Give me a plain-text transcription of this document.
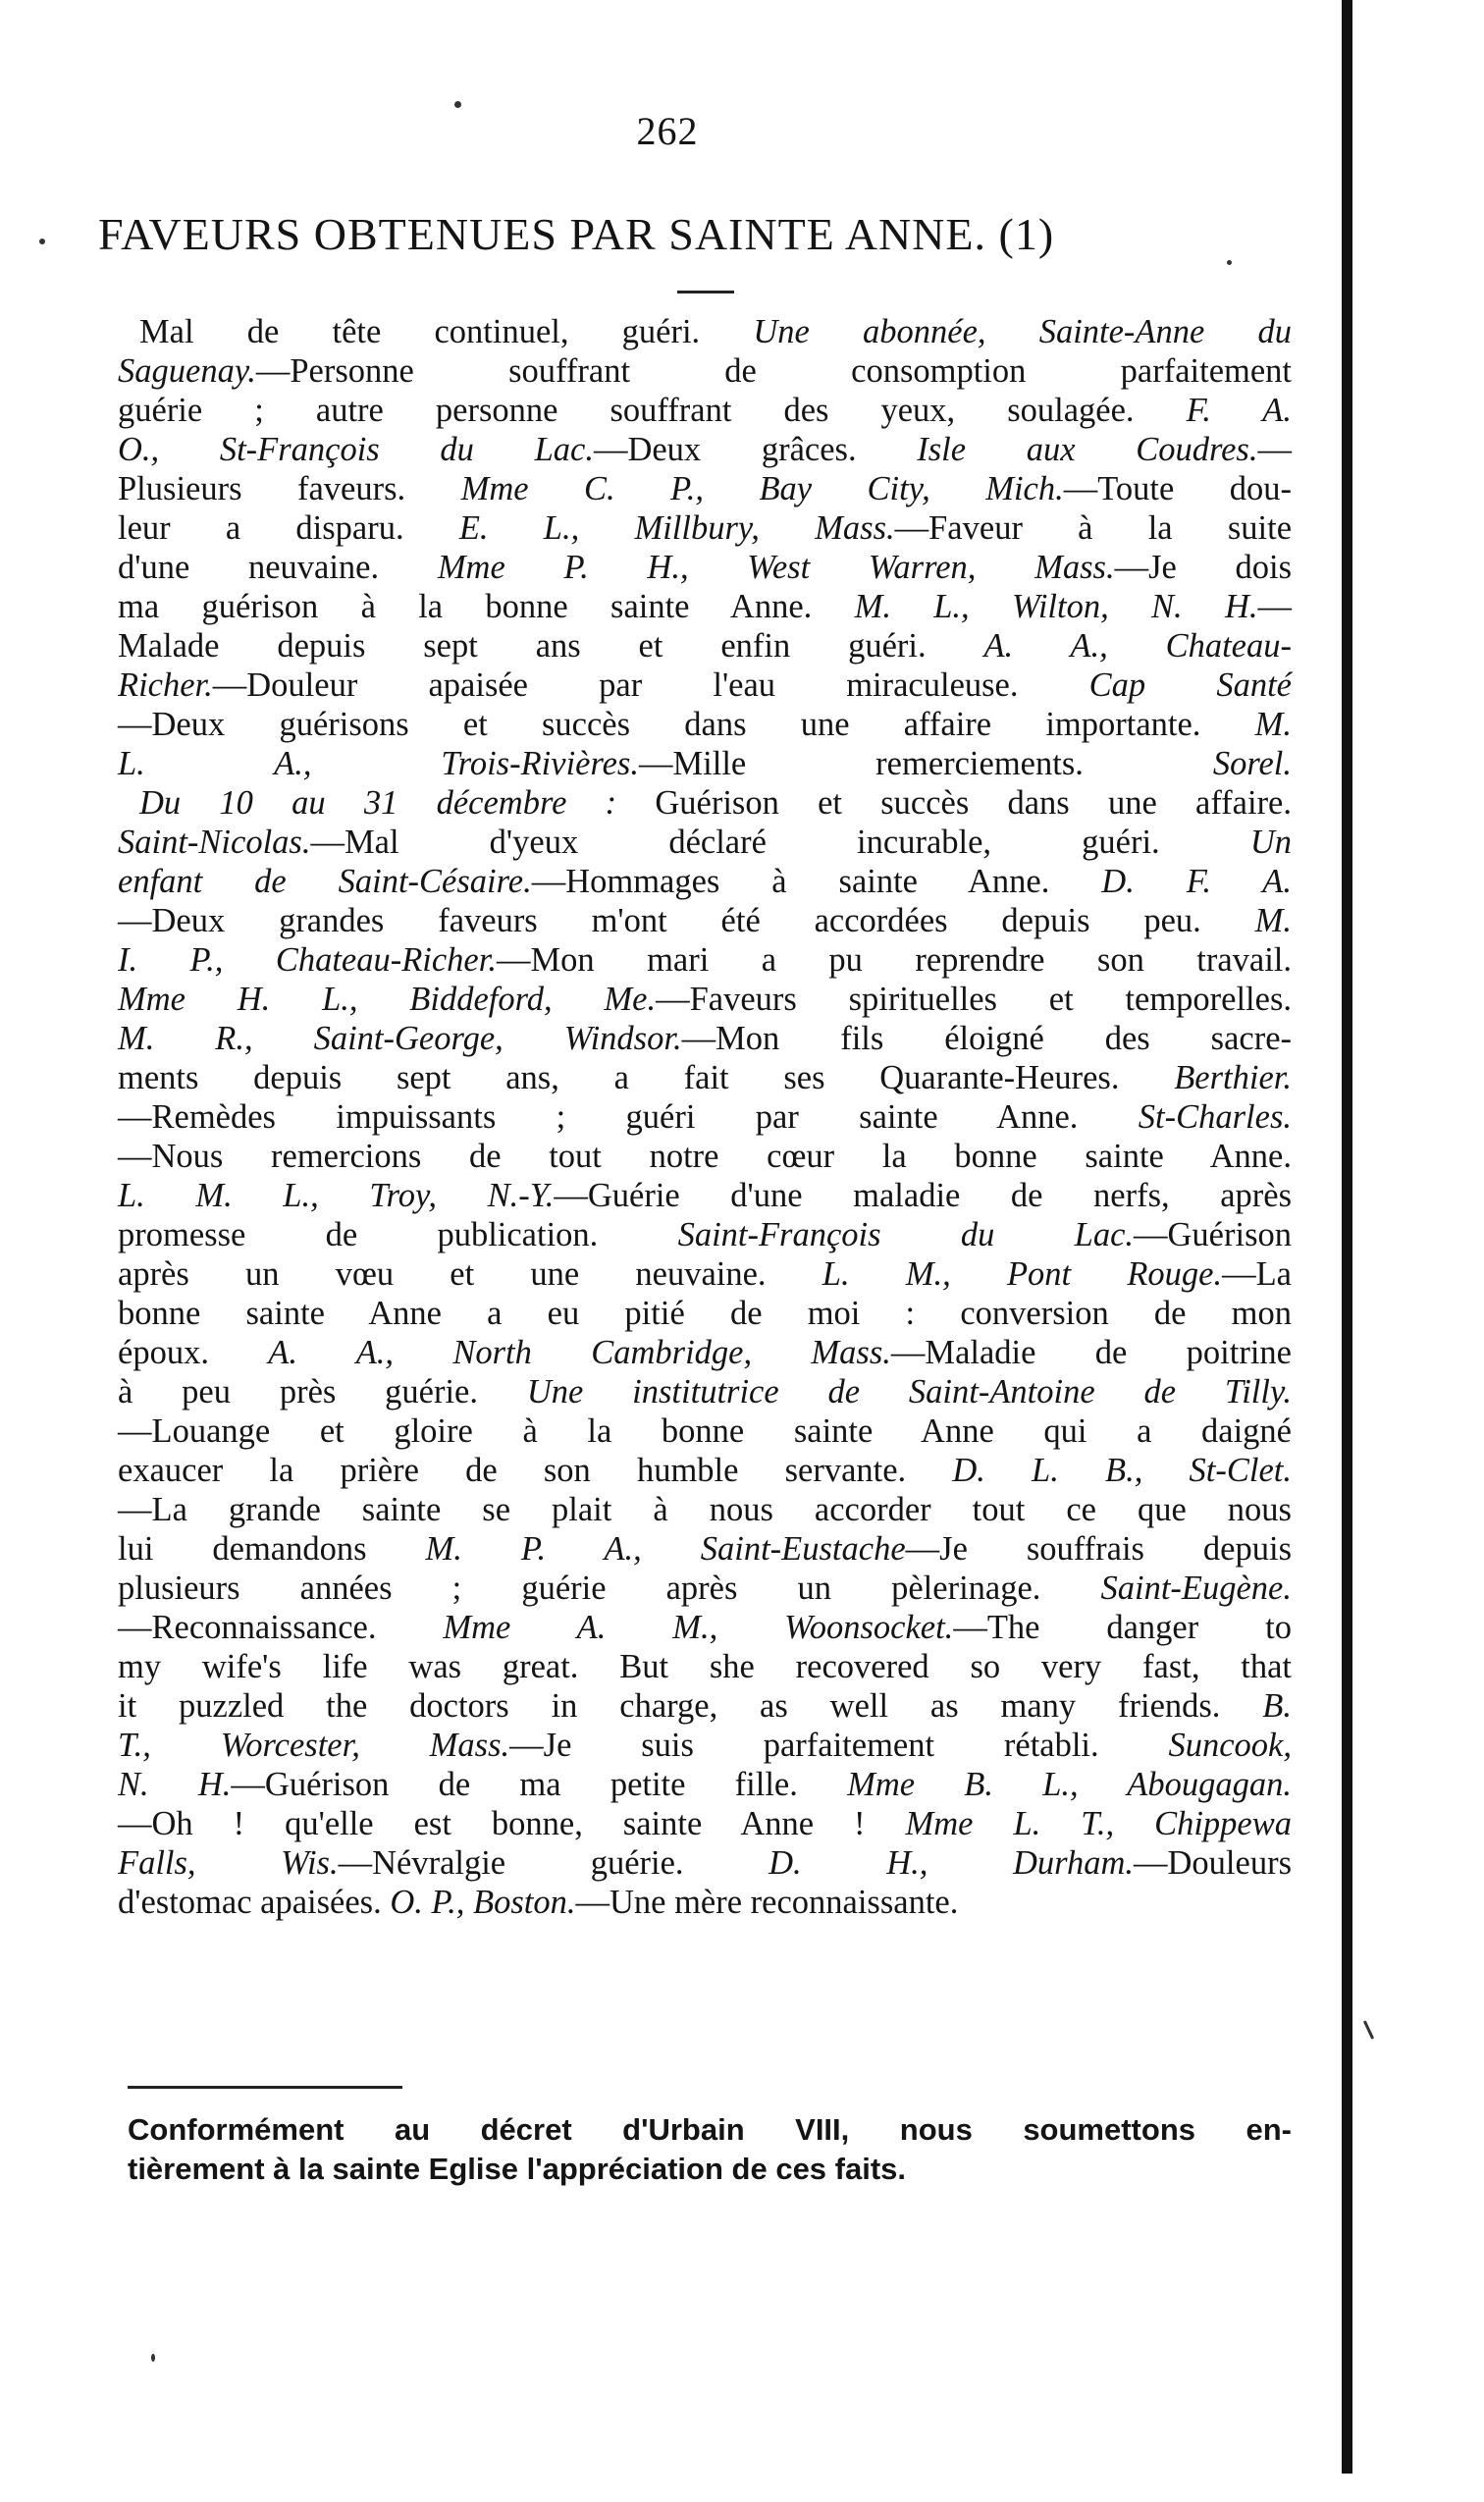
262
FAVEURS OBTENUES PAR SAINTE ANNE. (1)
Mal de tête continuel, guéri. Une abonnée, Sainte-Anne du
Saguenay.—Personne souffrant de consomption parfaitement
guérie ; autre personne souffrant des yeux, soulagée. F. A.
O., St-François du Lac.—Deux grâces. Isle aux Coudres.—
Plusieurs faveurs. Mme C. P., Bay City, Mich.—Toute dou-
leur a disparu. E. L., Millbury, Mass.—Faveur à la suite
d'une neuvaine. Mme P. H., West Warren, Mass.—Je dois
ma guérison à la bonne sainte Anne. M. L., Wilton, N. H.—
Malade depuis sept ans et enfin guéri. A. A., Chateau-
Richer.—Douleur apaisée par l'eau miraculeuse. Cap Santé
—Deux guérisons et succès dans une affaire importante. M.
L. A., Trois-Rivières.—Mille remerciements. Sorel.
Du 10 au 31 décembre : Guérison et succès dans une affaire.
Saint-Nicolas.—Mal d'yeux déclaré incurable, guéri. Un
enfant de Saint-Césaire.—Hommages à sainte Anne. D. F. A.
—Deux grandes faveurs m'ont été accordées depuis peu. M.
I. P., Chateau-Richer.—Mon mari a pu reprendre son travail.
Mme H. L., Biddeford, Me.—Faveurs spirituelles et temporelles.
M. R., Saint-George, Windsor.—Mon fils éloigné des sacre-
ments depuis sept ans, a fait ses Quarante-Heures. Berthier.
—Remèdes impuissants ; guéri par sainte Anne. St-Charles.
—Nous remercions de tout notre cœur la bonne sainte Anne.
L. M. L., Troy, N.-Y.—Guérie d'une maladie de nerfs, après
promesse de publication. Saint-François du Lac.—Guérison
après un vœu et une neuvaine. L. M., Pont Rouge.—La
bonne sainte Anne a eu pitié de moi : conversion de mon
époux. A. A., North Cambridge, Mass.—Maladie de poitrine
à peu près guérie. Une institutrice de Saint-Antoine de Tilly.
—Louange et gloire à la bonne sainte Anne qui a daigné
exaucer la prière de son humble servante. D. L. B., St-Clet.
—La grande sainte se plait à nous accorder tout ce que nous
lui demandons M. P. A., Saint-Eustache—Je souffrais depuis
plusieurs années ; guérie après un pèlerinage. Saint-Eugène.
—Reconnaissance. Mme A. M., Woonsocket.—The danger to
my wife's life was great. But she recovered so very fast, that
it puzzled the doctors in charge, as well as many friends. B.
T., Worcester, Mass.—Je suis parfaitement rétabli. Suncook,
N. H.—Guérison de ma petite fille. Mme B. L., Abougagan.
—Oh ! qu'elle est bonne, sainte Anne ! Mme L. T., Chippewa
Falls, Wis.—Névralgie guérie. D. H., Durham.—Douleurs
d'estomac apaisées. O. P., Boston.—Une mère reconnaissante.
Conformément au décret d'Urbain VIII, nous soumettons en-
tièrement à la sainte Eglise l'appréciation de ces faits.
